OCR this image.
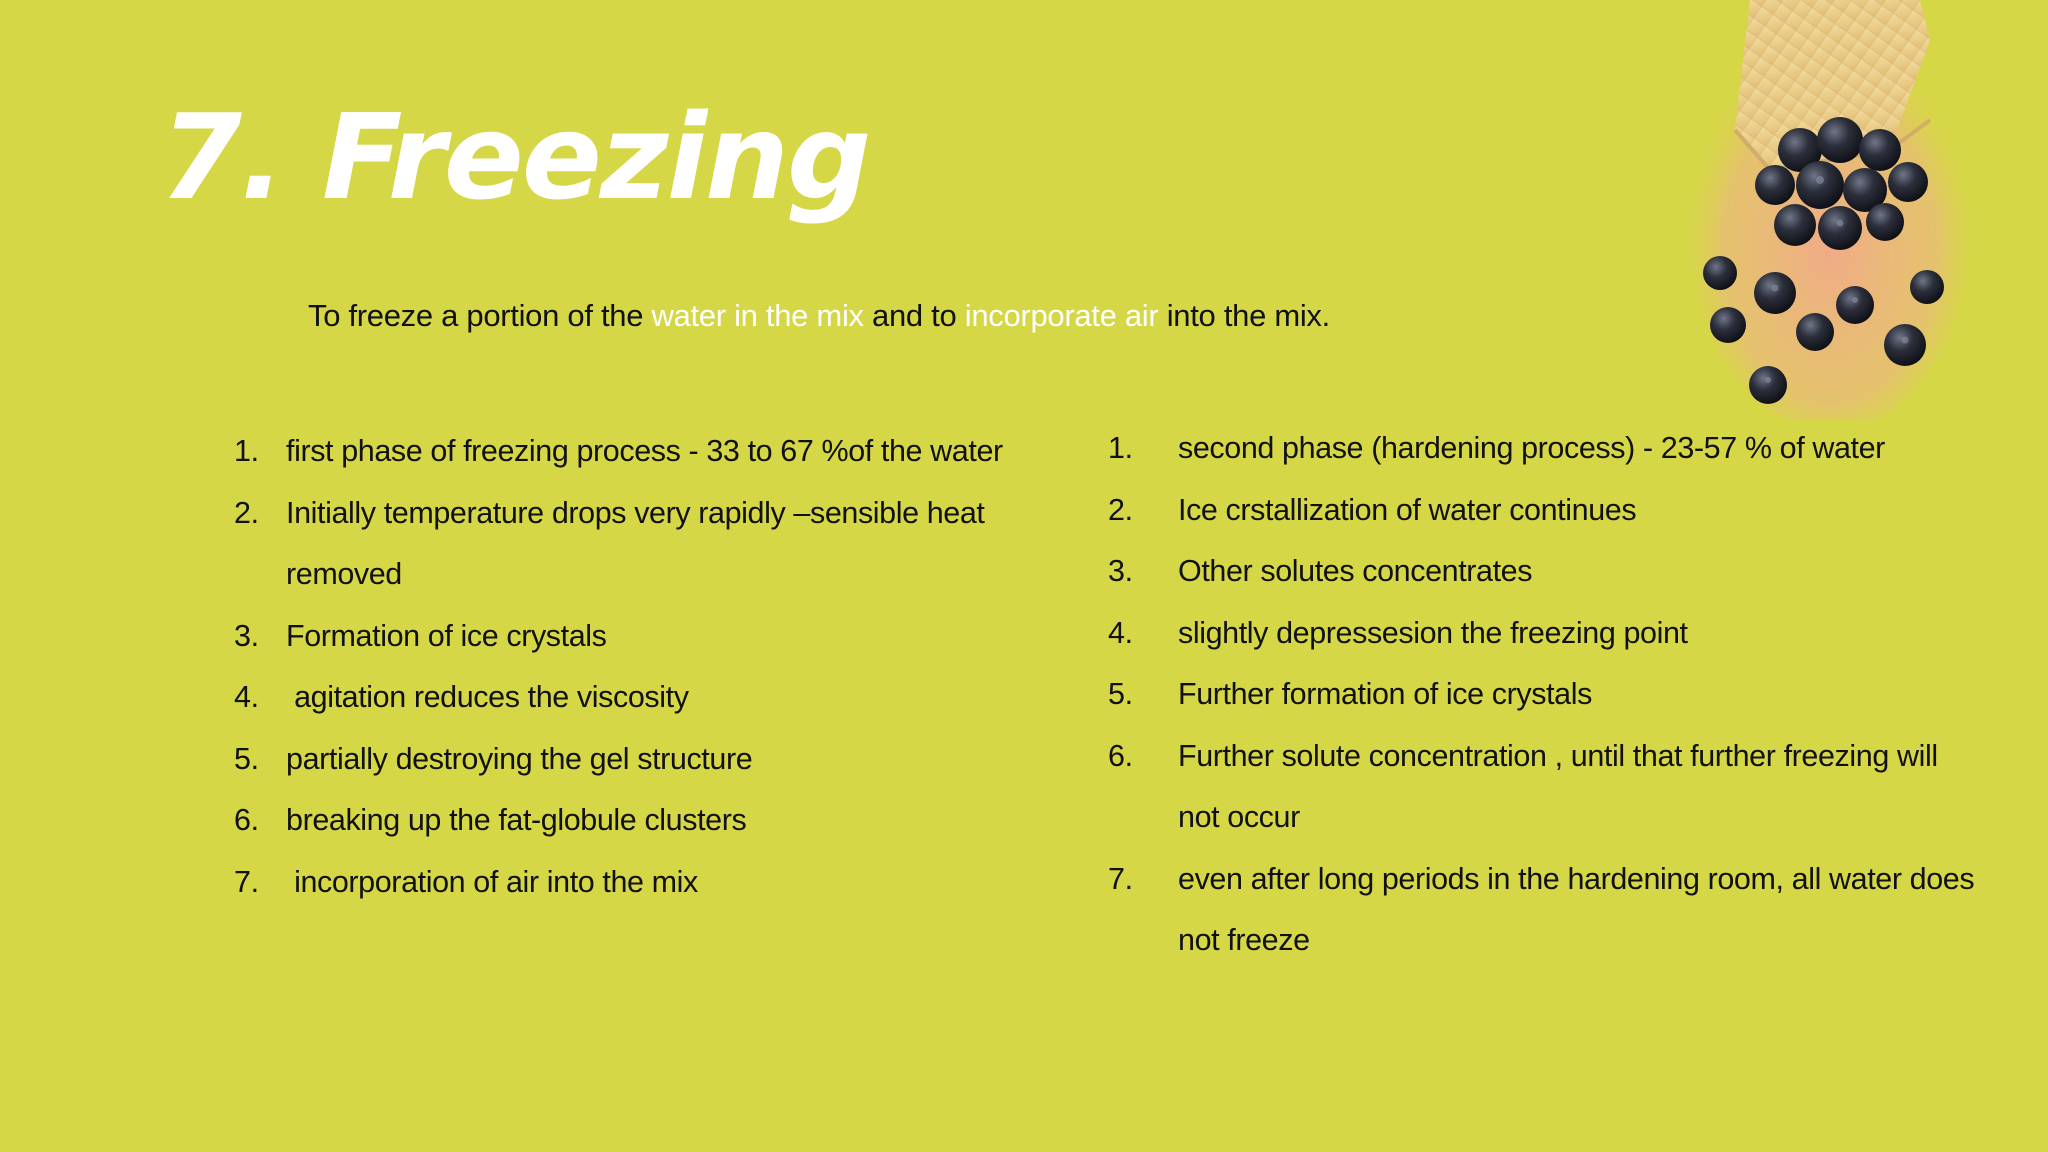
7. Freezing
To freeze a portion of the water in the mix and to incorporate air into the mix.
1. first phase of freezing process - 33 to 67 %of the water
2. Initially temperature drops very rapidly –sensible heat removed
3. Formation of ice crystals
4. agitation reduces the viscosity
5. partially destroying the gel structure
6. breaking up the fat-globule clusters
7. incorporation of air into the mix
1.	second phase (hardening process) - 23-57 % of water
2.	Ice crstallization of water continues
3.	Other solutes concentrates
4.	slightly depressesion the freezing point
5.	Further formation of ice crystals
6.	Further solute concentration , until that further freezing will not occur
7.	even after long periods in the hardening room, all water does not freeze
